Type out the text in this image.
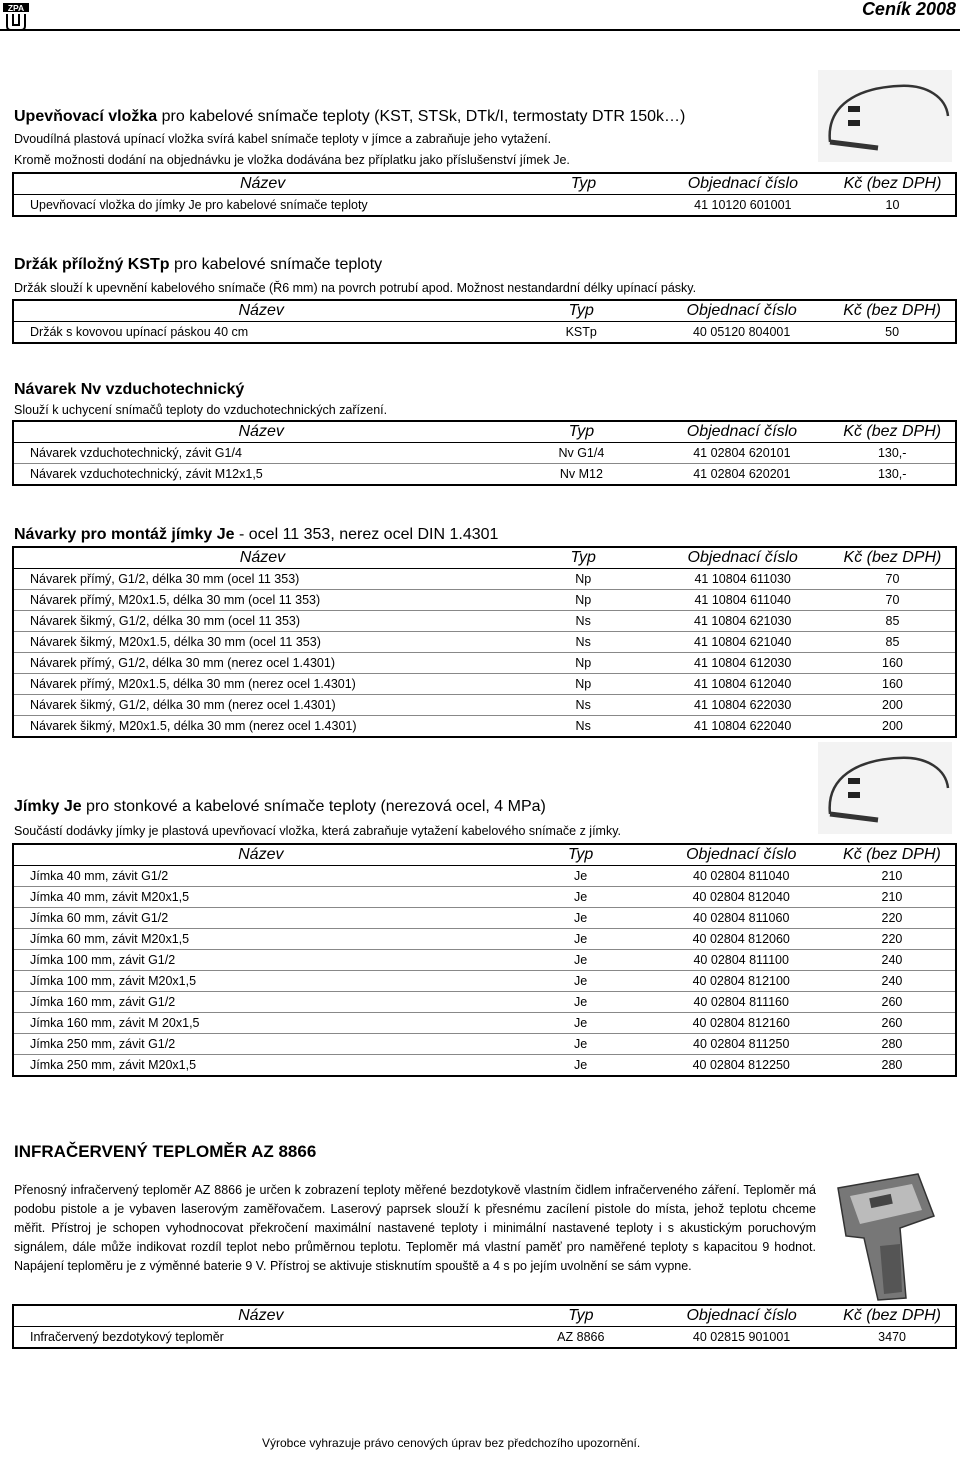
ZPA	Ceník 2008
Upevňovací vložka pro kabelové snímače teploty (KST, STSk, DTk/I, termostaty DTR 150k…)
Dvoudílná plastová upínací vložka svírá kabel snímače teploty v jímce a zabraňuje jeho vytažení.
Kromě možnosti dodání na objednávku je vložka dodávána bez příplatku jako příslušenství jímek Je.
Název	Typ	Objednací číslo	Kč (bez DPH)
Upevňovací vložka do jímky Je pro kabelové snímače teploty		41 10120 601001	10
Držák příložný KSTp pro kabelové snímače teploty
Držák slouží k upevnění kabelového snímače (Ř6 mm) na povrch potrubí apod. Možnost nestandardní délky upínací pásky.
Název	Typ	Objednací číslo	Kč (bez DPH)
Držák s kovovou upínací páskou 40 cm	KSTp	40 05120 804001	50
Návarek Nv vzduchotechnický
Slouží k uchycení snímačů teploty do vzduchotechnických zařízení.
Název	Typ	Objednací číslo	Kč (bez DPH)
Návarek vzduchotechnický, závit G1/4	Nv G1/4	41 02804 620101	130,-
Návarek vzduchotechnický, závit M12x1,5	Nv M12	41 02804 620201	130,-
Návarky pro montáž jímky Je - ocel 11 353, nerez ocel DIN 1.4301
Název	Typ	Objednací číslo	Kč (bez DPH)
Návarek přímý, G1/2, délka 30 mm (ocel 11 353)	Np	41 10804 611030	70
Návarek přímý, M20x1.5, délka 30 mm (ocel 11 353)	Np	41 10804 611040	70
Návarek šikmý, G1/2, délka 30 mm (ocel 11 353)	Ns	41 10804 621030	85
Návarek šikmý, M20x1.5, délka 30 mm (ocel 11 353)	Ns	41 10804 621040	85
Návarek přímý, G1/2, délka 30 mm (nerez ocel 1.4301)	Np	41 10804 612030	160
Návarek přímý, M20x1.5, délka 30 mm (nerez ocel 1.4301)	Np	41 10804 612040	160
Návarek šikmý, G1/2, délka 30 mm (nerez ocel 1.4301)	Ns	41 10804 622030	200
Návarek šikmý, M20x1.5, délka 30 mm (nerez ocel 1.4301)	Ns	41 10804 622040	200
Jímky Je pro stonkové a kabelové snímače teploty (nerezová ocel, 4 MPa)
Součástí dodávky jímky je plastová upevňovací vložka, která zabraňuje vytažení kabelového snímače z jímky.
Název	Typ	Objednací číslo	Kč (bez DPH)
Jímka 40 mm, závit G1/2	Je	40 02804 811040	210
Jímka 40 mm, závit M20x1,5	Je	40 02804 812040	210
Jímka 60 mm, závit G1/2	Je	40 02804 811060	220
Jímka 60 mm, závit M20x1,5	Je	40 02804 812060	220
Jímka 100 mm, závit G1/2	Je	40 02804 811100	240
Jímka 100 mm, závit M20x1,5	Je	40 02804 812100	240
Jímka 160 mm, závit G1/2	Je	40 02804 811160	260
Jímka 160 mm, závit M 20x1,5	Je	40 02804 812160	260
Jímka 250 mm, závit G1/2	Je	40 02804 811250	280
Jímka 250 mm, závit M20x1,5	Je	40 02804 812250	280
INFRAČERVENÝ TEPLOMĚR AZ 8866
Přenosný infračervený teploměr AZ 8866 je určen k zobrazení teploty měřené bezdotykově vlastním čidlem infračerveného záření. Teploměr má podobu pistole a je vybaven laserovým zaměřovačem. Laserový paprsek slouží k přesnému zacílení pistole do místa, jehož teplotu chceme měřit. Přístroj je schopen vyhodnocovat překročení maximální nastavené teploty i minimální nastavené teploty i s akustickým poruchovým signálem, dále může indikovat rozdíl teplot nebo průměrnou teplotu. Teploměr má vlastní paměť pro naměřené teploty s kapacitou 9 hodnot. Napájení teploměru je z výměnné baterie 9 V. Přístroj se aktivuje stisknutím spouště a 4 s po jejím uvolnění se sám vypne.
Název	Typ	Objednací číslo	Kč (bez DPH)
Infračervený bezdotykový teploměr	AZ 8866	40 02815 901001	3470
Výrobce vyhrazuje právo cenových úprav bez předchozího upozornění.
